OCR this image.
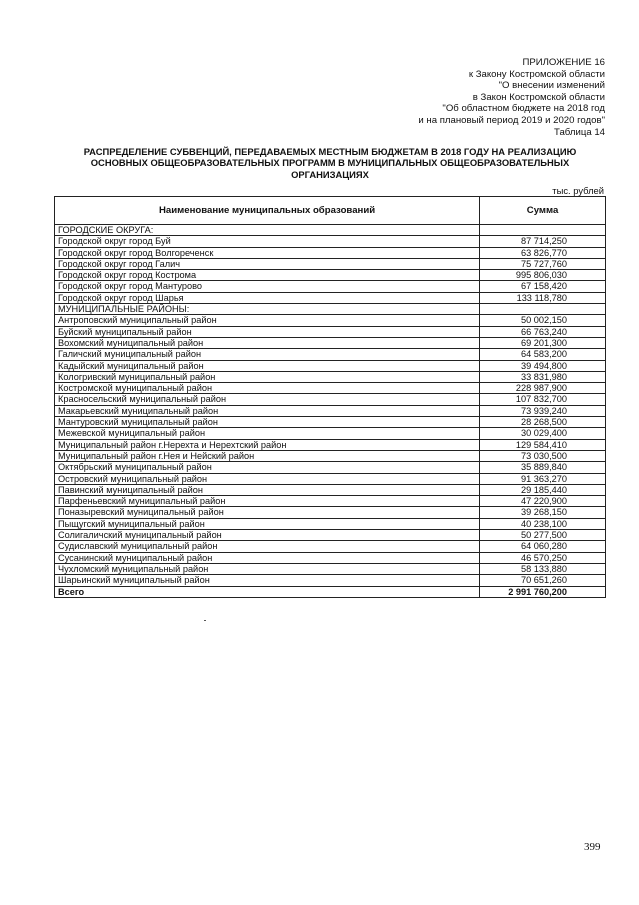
ПРИЛОЖЕНИЕ 16
к Закону Костромской области
"О внесении изменений
в Закон Костромской области
"Об областном бюджете на 2018 год
и на плановый период 2019 и 2020 годов"
Таблица 14
РАСПРЕДЕЛЕНИЕ СУБВЕНЦИЙ, ПЕРЕДАВАЕМЫХ МЕСТНЫМ БЮДЖЕТАМ В 2018 ГОДУ НА РЕАЛИЗАЦИЮ ОСНОВНЫХ ОБЩЕОБРАЗОВАТЕЛЬНЫХ ПРОГРАММ В МУНИЦИПАЛЬНЫХ ОБЩЕОБРАЗОВАТЕЛЬНЫХ ОРГАНИЗАЦИЯХ
тыс. рублей
Наименование муниципальных образований	Сумма
ГОРОДСКИЕ ОКРУГА:	
Городской округ город Буй	87 714,250
Городской округ город Волгореченск	63 826,770
Городской округ город Галич	75 727,760
Городской округ город Кострома	995 806,030
Городской округ город Мантурово	67 158,420
Городской округ город Шарья	133 118,780
МУНИЦИПАЛЬНЫЕ РАЙОНЫ:	
Антроповский муниципальный район	50 002,150
Буйский муниципальный район	66 763,240
Вохомский муниципальный район	69 201,300
Галичский муниципальный район	64 583,200
Кадыйский муниципальный район	39 494,800
Кологривский муниципальный район	33 831,980
Костромской муниципальный район	228 987,900
Красносельский муниципальный район	107 832,700
Макарьевский муниципальный район	73 939,240
Мантуровский муниципальный район	28 268,500
Межевской муниципальный район	30 029,400
Муниципальный район г.Нерехта и Нерехтский район	129 584,410
Муниципальный район г.Нея и Нейский район	73 030,500
Октябрьский муниципальный район	35 889,840
Островский муниципальный район	91 363,270
Павинский муниципальный район	29 185,440
Парфеньевский муниципальный район	47 220,900
Поназыревский муниципальный район	39 268,150
Пыщугский муниципальный район	40 238,100
Солигаличский муниципальный район	50 277,500
Судиславский муниципальный район	64 060,280
Сусанинский муниципальный район	46 570,250
Чухломский муниципальный район	58 133,880
Шарьинский муниципальный район	70 651,260
Всего	2 991 760,200
399
